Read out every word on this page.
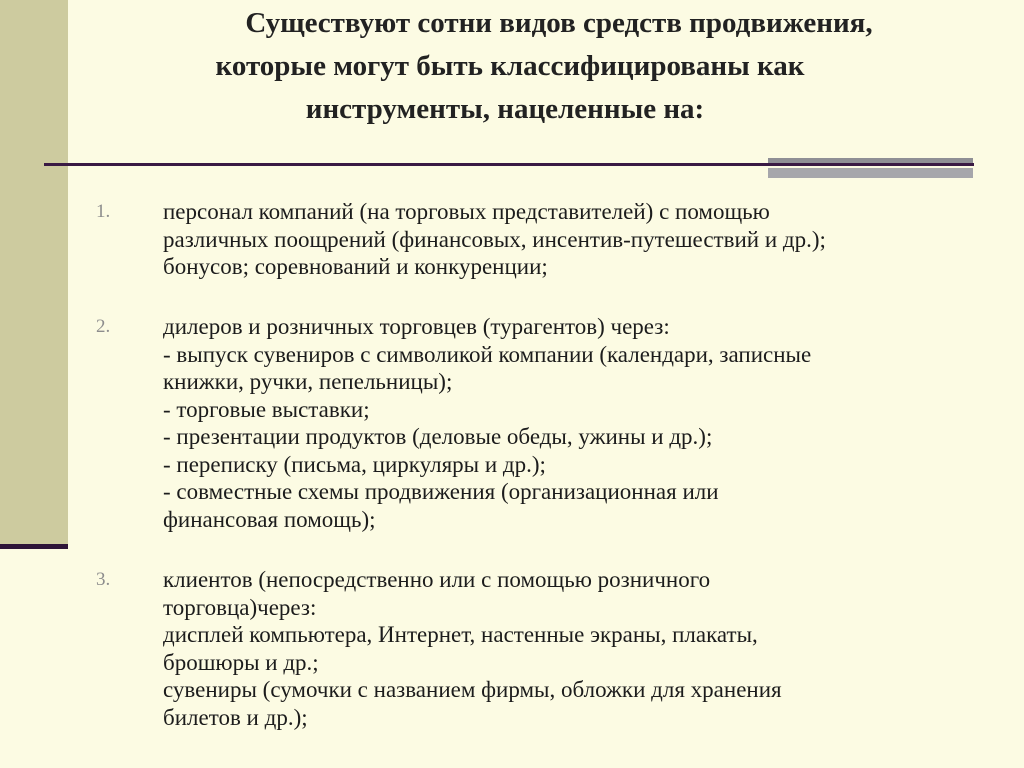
Существуют сотни видов средств продвижения,
которые могут быть классифицированы как
инструменты, нацеленные на:
1. персонал компаний (на торговых представителей) с помощью
различных поощрений (финансовых, инсентив-путешествий и др.);
бонусов; соревнований и конкуренции;
2. дилеров и розничных торговцев (турагентов) через:
- выпуск сувениров с символикой компании (календари, записные
книжки, ручки, пепельницы);
- торговые выставки;
- презентации продуктов (деловые обеды, ужины и др.);
- переписку (письма, циркуляры и др.);
- совместные схемы продвижения (организационная или
финансовая помощь);
3. клиентов (непосредственно или с помощью розничного
торговца)через:
дисплей компьютера, Интернет, настенные экраны, плакаты,
брошюры и др.;
сувениры (сумочки с названием фирмы, обложки для хранения
билетов и др.);
